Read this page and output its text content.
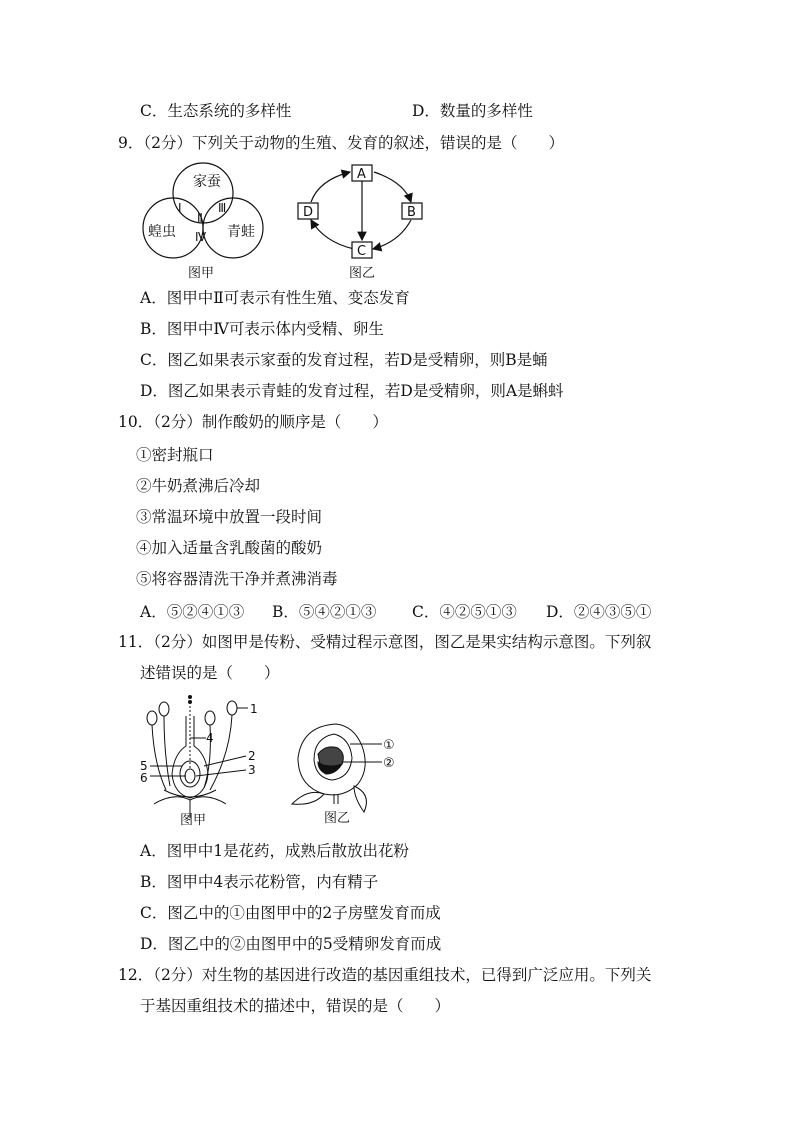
C．生态系统的多样性	D．数量的多样性
9．（2分）下列关于动物的生殖、发育的叙述，错误的是（　　）
家蚕
蝗虫	青蛙
Ⅰ
Ⅱ
Ⅲ
Ⅳ
图甲
A
B
C
D
图乙
A．图甲中Ⅱ可表示有性生殖、变态发育
B．图甲中Ⅳ可表示体内受精、卵生
C．图乙如果表示家蚕的发育过程，若D是受精卵，则B是蛹
D．图乙如果表示青蛙的发育过程，若D是受精卵，则A是蝌蚪
10．（2分）制作酸奶的顺序是（　　）
①密封瓶口
②牛奶煮沸后冷却
③常温环境中放置一段时间
④加入适量含乳酸菌的酸奶
⑤将容器清洗干净并煮沸消毒
A．⑤②④①③ B．⑤④②①③ C．④②⑤①③ D．②④③⑤①
11．（2分）如图甲是传粉、受精过程示意图，图乙是果实结构示意图。下列叙
述错误的是（　　）
1
2
3
4
5
6
图甲
①
②
图乙
A．图甲中1是花药，成熟后散放出花粉
B．图甲中4表示花粉管，内有精子
C．图乙中的①由图甲中的2子房壁发育而成
D．图乙中的②由图甲中的5受精卵发育而成
12．（2分）对生物的基因进行改造的基因重组技术，已得到广泛应用。下列关
于基因重组技术的描述中，错误的是（　　）
